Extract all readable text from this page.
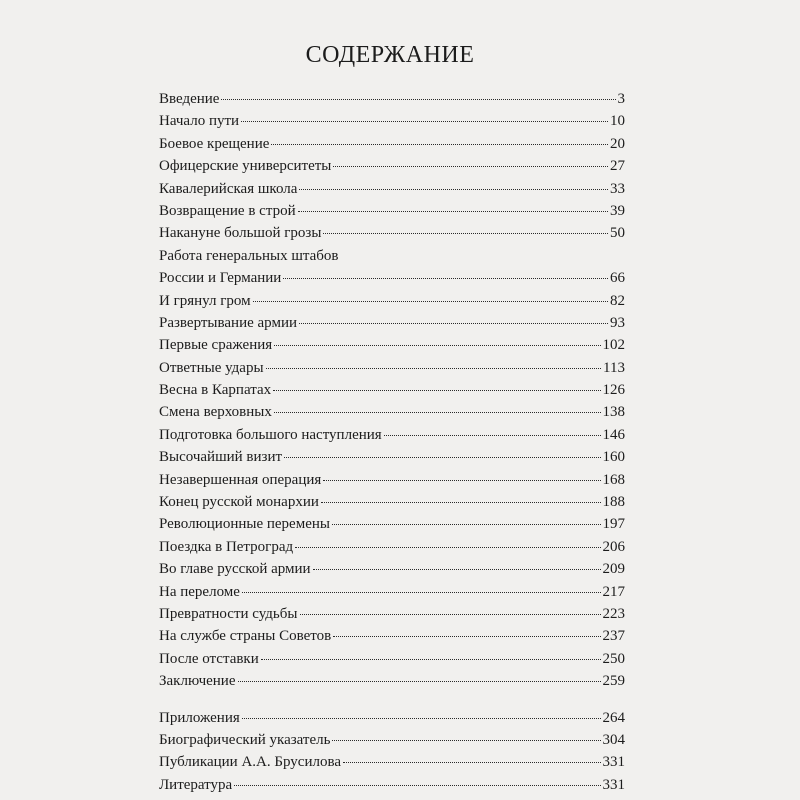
СОДЕРЖАНИЕ
Введение	3
Начало пути	10
Боевое крещение	20
Офицерские университеты	27
Кавалерийская школа	33
Возвращение в строй	39
Накануне большой грозы	50
Работа генеральных штабов
России и Германии	66
И грянул гром	82
Развертывание армии	93
Первые сражения	102
Ответные удары	113
Весна в Карпатах	126
Смена верховных	138
Подготовка большого наступления	146
Высочайший визит	160
Незавершенная операция	168
Конец русской монархии	188
Революционные перемены	197
Поездка в Петроград	206
Во главе русской армии	209
На переломе	217
Превратности судьбы	223
На службе страны Советов	237
После отставки	250
Заключение	259
Приложения	264
Биографический указатель	304
Публикации А.А. Брусилова	331
Литература	331
